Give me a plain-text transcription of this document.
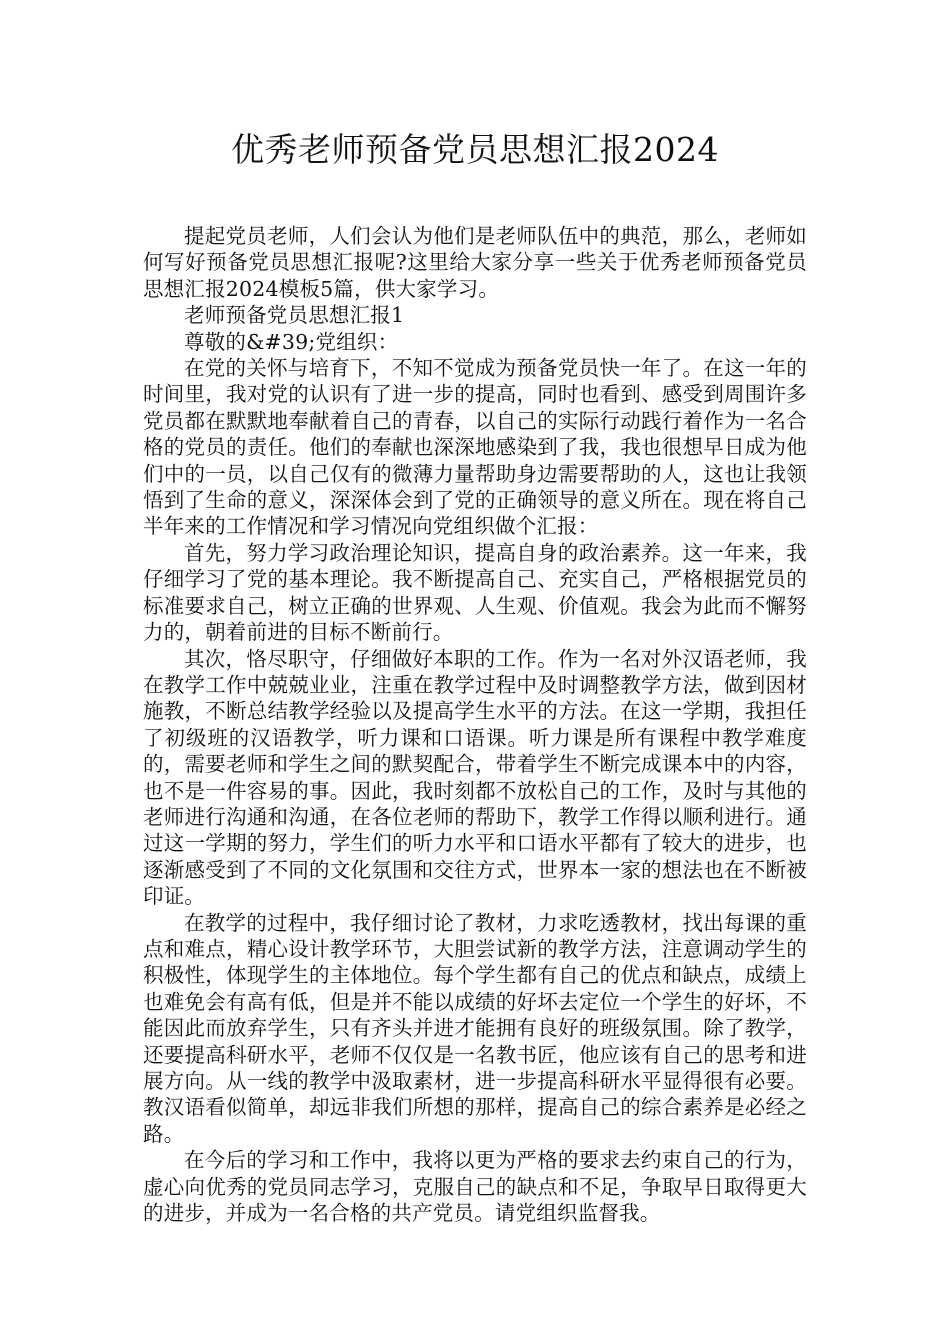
优秀老师预备党员思想汇报2024

提起党员老师，人们会认为他们是老师队伍中的典范，那么，老师如何写好预备党员思想汇报呢?这里给大家分享一些关于优秀老师预备党员思想汇报2024模板5篇，供大家学习。

老师预备党员思想汇报1

尊敬的&#39;党组织：

在党的关怀与培育下，不知不觉成为预备党员快一年了。在这一年的时间里，我对党的认识有了进一步的提高，同时也看到、感受到周围许多党员都在默默地奉献着自己的青春，以自己的实际行动践行着作为一名合格的党员的责任。他们的奉献也深深地感染到了我，我也很想早日成为他们中的一员，以自己仅有的微薄力量帮助身边需要帮助的人，这也让我领悟到了生命的意义，深深体会到了党的正确领导的意义所在。现在将自己半年来的工作情况和学习情况向党组织做个汇报：

首先，努力学习政治理论知识，提高自身的政治素养。这一年来，我仔细学习了党的基本理论。我不断提高自己、充实自己，严格根据党员的标准要求自己，树立正确的世界观、人生观、价值观。我会为此而不懈努力的，朝着前进的目标不断前行。

其次，恪尽职守，仔细做好本职的工作。作为一名对外汉语老师，我在教学工作中兢兢业业，注重在教学过程中及时调整教学方法，做到因材施教，不断总结教学经验以及提高学生水平的方法。在这一学期，我担任了初级班的汉语教学，听力课和口语课。听力课是所有课程中教学难度的，需要老师和学生之间的默契配合，带着学生不断完成课本中的内容，也不是一件容易的事。因此，我时刻都不放松自己的工作，及时与其他的老师进行沟通和沟通，在各位老师的帮助下，教学工作得以顺利进行。通过这一学期的努力，学生们的听力水平和口语水平都有了较大的进步，也逐渐感受到了不同的文化氛围和交往方式，世界本一家的想法也在不断被印证。

在教学的过程中，我仔细讨论了教材，力求吃透教材，找出每课的重点和难点，精心设计教学环节，大胆尝试新的教学方法，注意调动学生的积极性，体现学生的主体地位。每个学生都有自己的优点和缺点，成绩上也难免会有高有低，但是并不能以成绩的好坏去定位一个学生的好坏，不能因此而放弃学生，只有齐头并进才能拥有良好的班级氛围。除了教学，还要提高科研水平，老师不仅仅是一名教书匠，他应该有自己的思考和进展方向。从一线的教学中汲取素材，进一步提高科研水平显得很有必要。教汉语看似简单，却远非我们所想的那样，提高自己的综合素养是必经之路。

在今后的学习和工作中，我将以更为严格的要求去约束自己的行为，虚心向优秀的党员同志学习，克服自己的缺点和不足，争取早日取得更大的进步，并成为一名合格的共产党员。请党组织监督我。
